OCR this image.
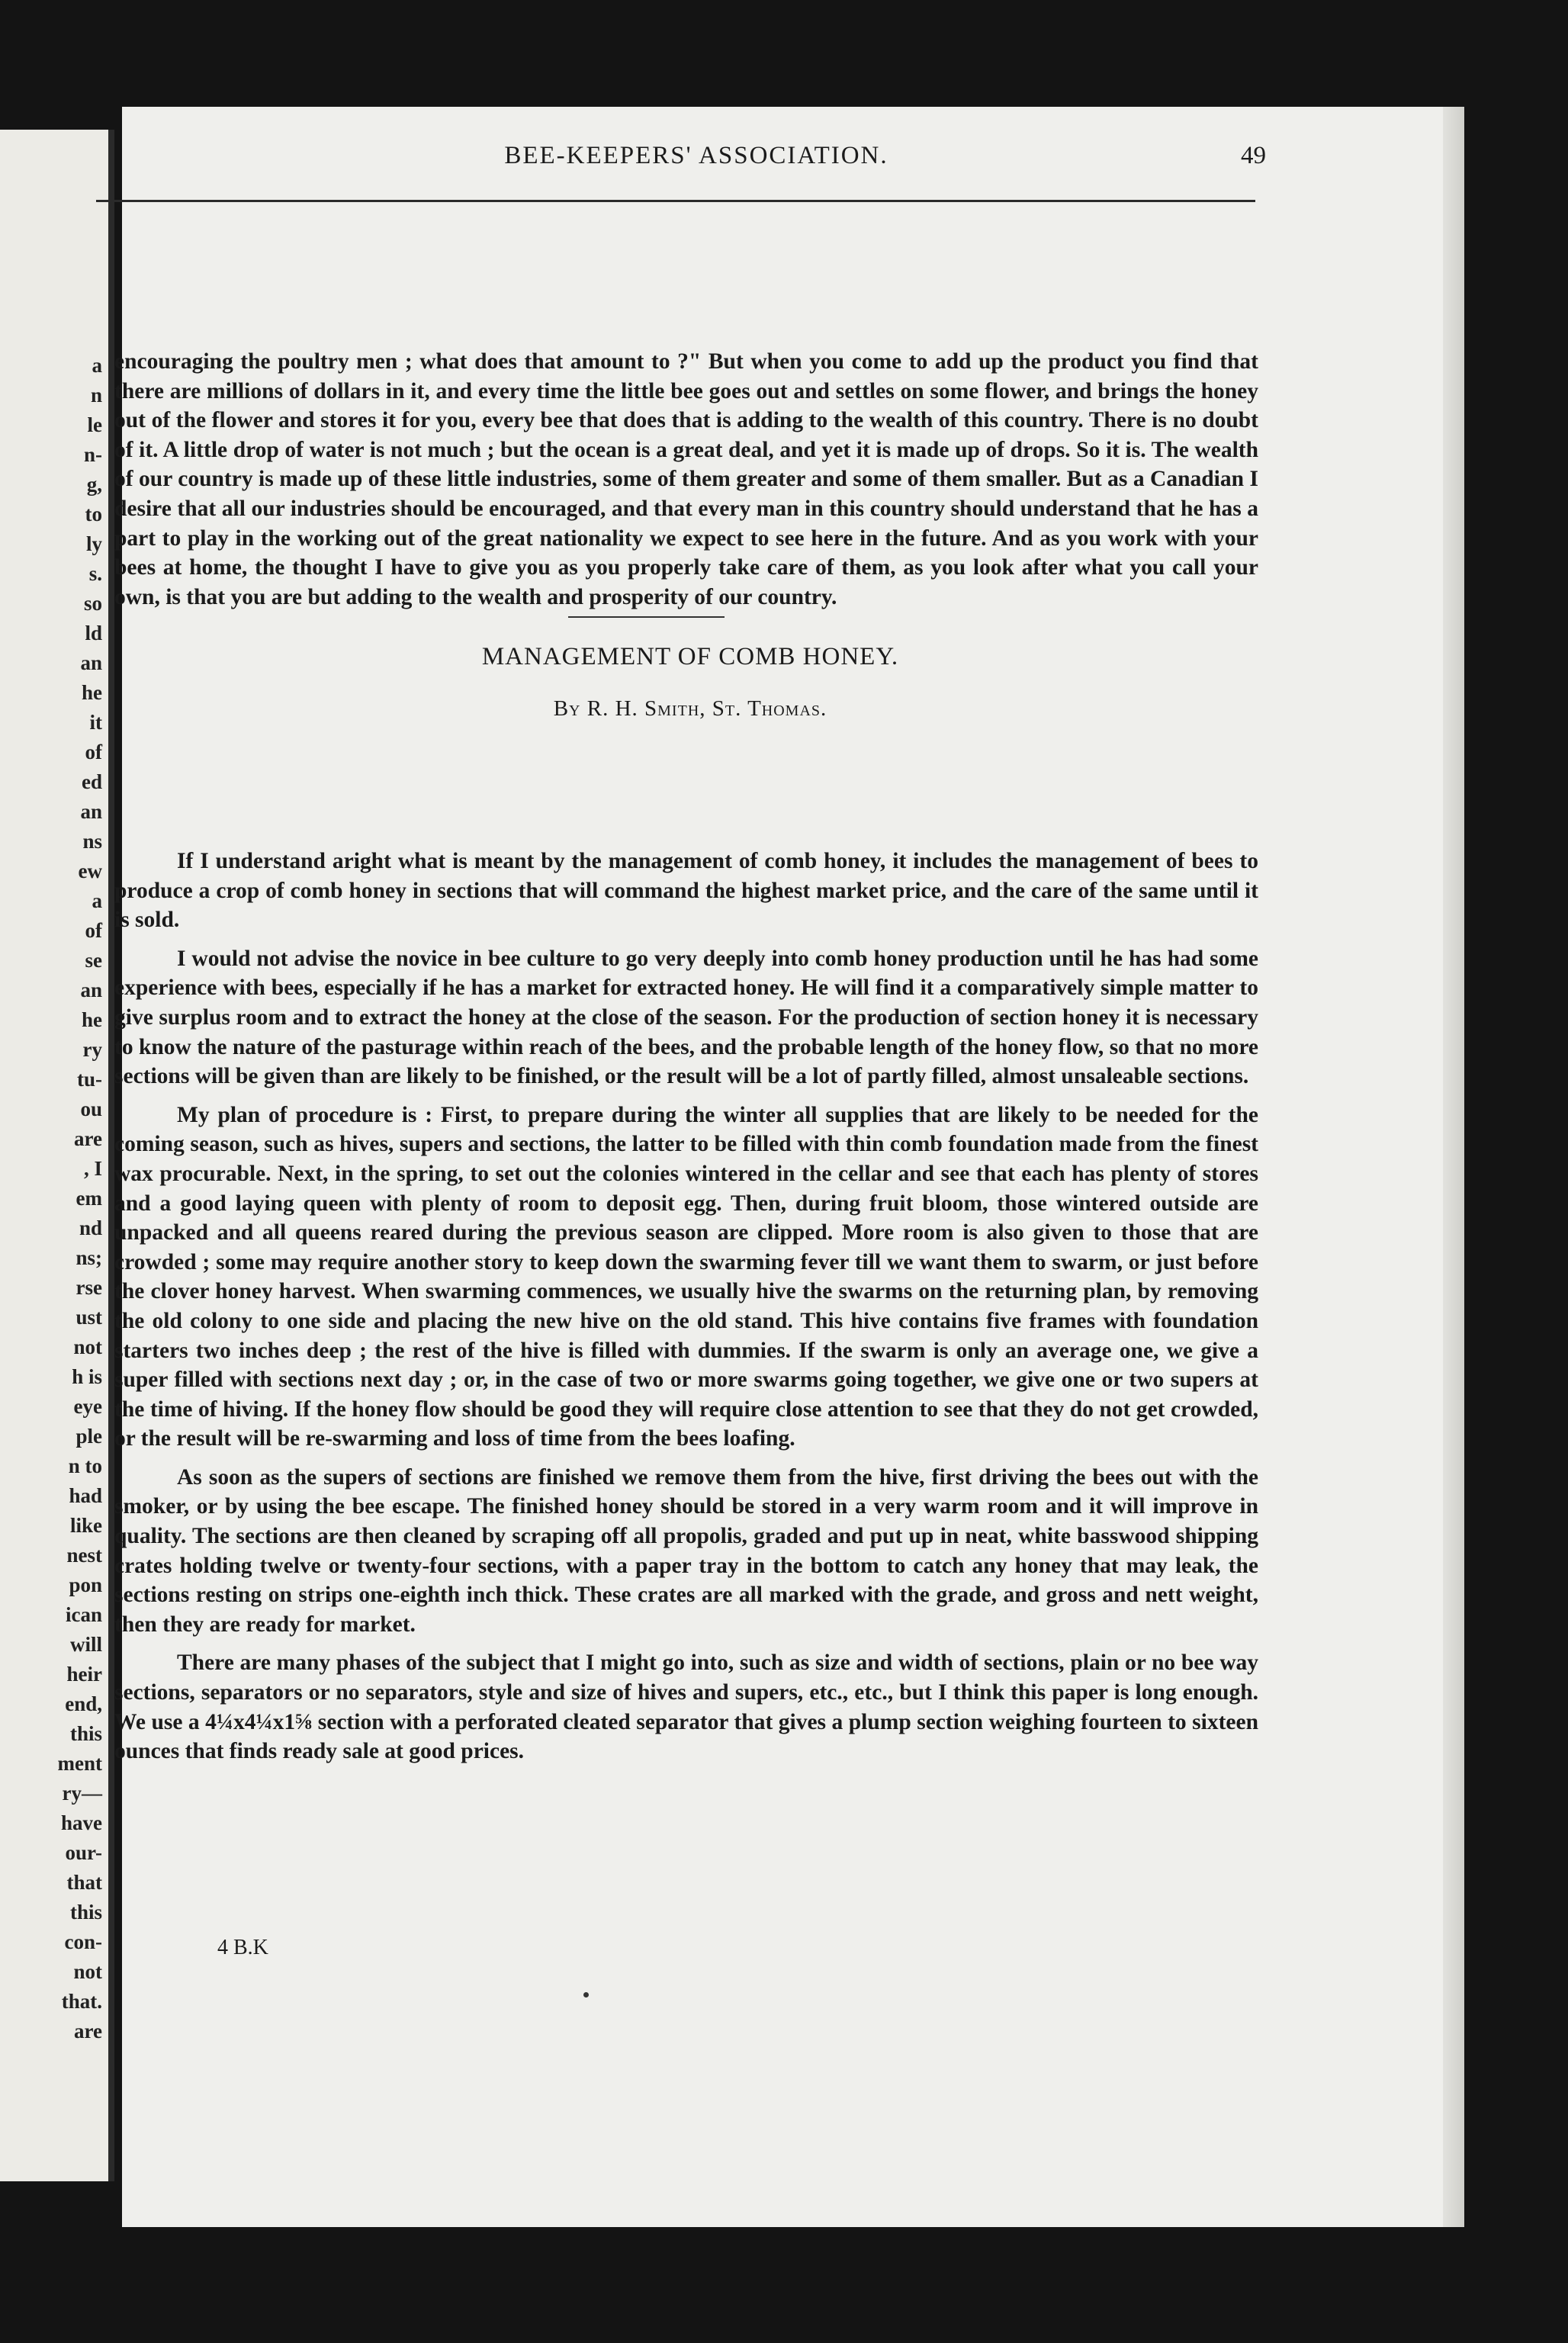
a
n
le
n-
g,
to
ly
s.
so
ld
an
he
it
of
ed
an
ns
ew
a
of
se
an
he
ry
tu-
ou
are
, I
em
nd
ns;
rse
ust
not
h is
eye
ple
n to
had
like
nest
pon
ican
will
heir
end,
this
ment
ry—
have
our-
that
this
con-
not
that.
are
BEE-KEEPERS' ASSOCIATION.	49

encouraging the poultry men ; what does that amount to ?" But when you come to add up the product you find that there are millions of dollars in it, and every time the little bee goes out and settles on some flower, and brings the honey out of the flower and stores it for you, every bee that does that is adding to the wealth of this country. There is no doubt of it. A little drop of water is not much ; but the ocean is a great deal, and yet it is made up of drops. So it is. The wealth of our country is made up of these little industries, some of them greater and some of them smaller. But as a Canadian I desire that all our industries should be encouraged, and that every man in this country should understand that he has a part to play in the working out of the great nationality we expect to see here in the future. And as you work with your bees at home, the thought I have to give you as you properly take care of them, as you look after what you call your own, is that you are but adding to the wealth and prosperity of our country.

MANAGEMENT OF COMB HONEY.
By R. H. Smith, St. Thomas.

If I understand aright what is meant by the management of comb honey, it includes the management of bees to produce a crop of comb honey in sections that will command the highest market price, and the care of the same until it is sold.

I would not advise the novice in bee culture to go very deeply into comb honey production until he has had some experience with bees, especially if he has a market for extracted honey. He will find it a comparatively simple matter to give surplus room and to extract the honey at the close of the season. For the production of section honey it is necessary to know the nature of the pasturage within reach of the bees, and the probable length of the honey flow, so that no more sections will be given than are likely to be finished, or the result will be a lot of partly filled, almost unsaleable sections.

My plan of procedure is : First, to prepare during the winter all supplies that are likely to be needed for the coming season, such as hives, supers and sections, the latter to be filled with thin comb foundation made from the finest wax procurable. Next, in the spring, to set out the colonies wintered in the cellar and see that each has plenty of stores and a good laying queen with plenty of room to deposit egg. Then, during fruit bloom, those wintered outside are unpacked and all queens reared during the previous season are clipped. More room is also given to those that are crowded ; some may require another story to keep down the swarming fever till we want them to swarm, or just before the clover honey harvest. When swarming commences, we usually hive the swarms on the returning plan, by removing the old colony to one side and placing the new hive on the old stand. This hive contains five frames with foundation starters two inches deep ; the rest of the hive is filled with dummies. If the swarm is only an average one, we give a super filled with sections next day ; or, in the case of two or more swarms going together, we give one or two supers at the time of hiving. If the honey flow should be good they will require close attention to see that they do not get crowded, or the result will be re-swarming and loss of time from the bees loafing.

As soon as the supers of sections are finished we remove them from the hive, first driving the bees out with the smoker, or by using the bee escape. The finished honey should be stored in a very warm room and it will improve in quality. The sections are then cleaned by scraping off all propolis, graded and put up in neat, white basswood shipping crates holding twelve or twenty-four sections, with a paper tray in the bottom to catch any honey that may leak, the sections resting on strips one-eighth inch thick. These crates are all marked with the grade, and gross and nett weight, then they are ready for market.

There are many phases of the subject that I might go into, such as size and width of sections, plain or no bee way sections, separators or no separators, style and size of hives and supers, etc., etc., but I think this paper is long enough. We use a 4¼x4¼x1⅝ section with a perforated cleated separator that gives a plump section weighing fourteen to sixteen ounces that finds ready sale at good prices.

4 B.K
